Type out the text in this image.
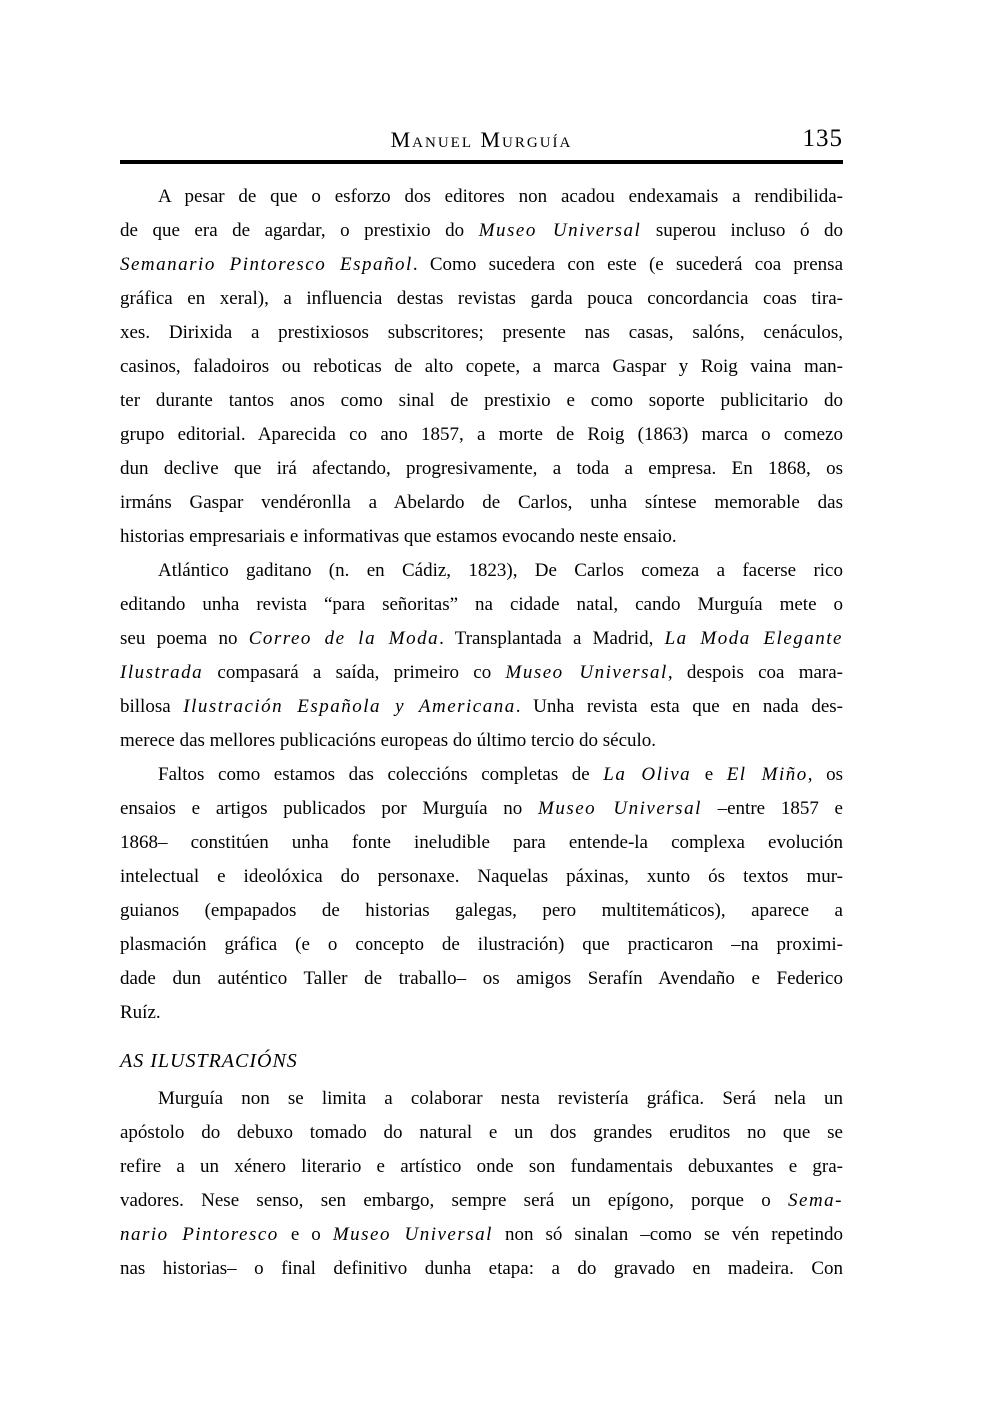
Manuel Murguía	135
A pesar de que o esforzo dos editores non acadou endexamais a rendibilida-
de que era de agardar, o prestixio do Museo Universal superou incluso ó do
Semanario Pintoresco Español. Como sucedera con este (e sucederá coa prensa
gráfica en xeral), a influencia destas revistas garda pouca concordancia coas tira-
xes. Dirixida a prestixiosos subscritores; presente nas casas, salóns, cenáculos,
casinos, faladoiros ou reboticas de alto copete, a marca Gaspar y Roig vaina man-
ter durante tantos anos como sinal de prestixio e como soporte publicitario do
grupo editorial. Aparecida co ano 1857, a morte de Roig (1863) marca o comezo
dun declive que irá afectando, progresivamente, a toda a empresa. En 1868, os
irmáns Gaspar vendéronlla a Abelardo de Carlos, unha síntese memorable das
historias empresariais e informativas que estamos evocando neste ensaio.
Atlántico gaditano (n. en Cádiz, 1823), De Carlos comeza a facerse rico
editando unha revista “para señoritas” na cidade natal, cando Murguía mete o
seu poema no Correo de la Moda. Transplantada a Madrid, La Moda Elegante
Ilustrada compasará a saída, primeiro co Museo Universal, despois coa mara-
billosa Ilustración Española y Americana. Unha revista esta que en nada des-
merece das mellores publicacións europeas do último tercio do século.
Faltos como estamos das coleccións completas de La Oliva e El Miño, os
ensaios e artigos publicados por Murguía no Museo Universal –entre 1857 e
1868– constitúen unha fonte ineludible para entende-la complexa evolución
intelectual e ideolóxica do personaxe. Naquelas páxinas, xunto ós textos mur-
guianos (empapados de historias galegas, pero multitemáticos), aparece a
plasmación gráfica (e o concepto de ilustración) que practicaron –na proximi-
dade dun auténtico Taller de traballo– os amigos Serafín Avendaño e Federico
Ruíz.
AS ILUSTRACIÓNS
Murguía non se limita a colaborar nesta revistería gráfica. Será nela un
apóstolo do debuxo tomado do natural e un dos grandes eruditos no que se
refire a un xénero literario e artístico onde son fundamentais debuxantes e gra-
vadores. Nese senso, sen embargo, sempre será un epígono, porque o Sema-
nario Pintoresco e o Museo Universal non só sinalan –como se vén repetindo
nas historias– o final definitivo dunha etapa: a do gravado en madeira. Con
